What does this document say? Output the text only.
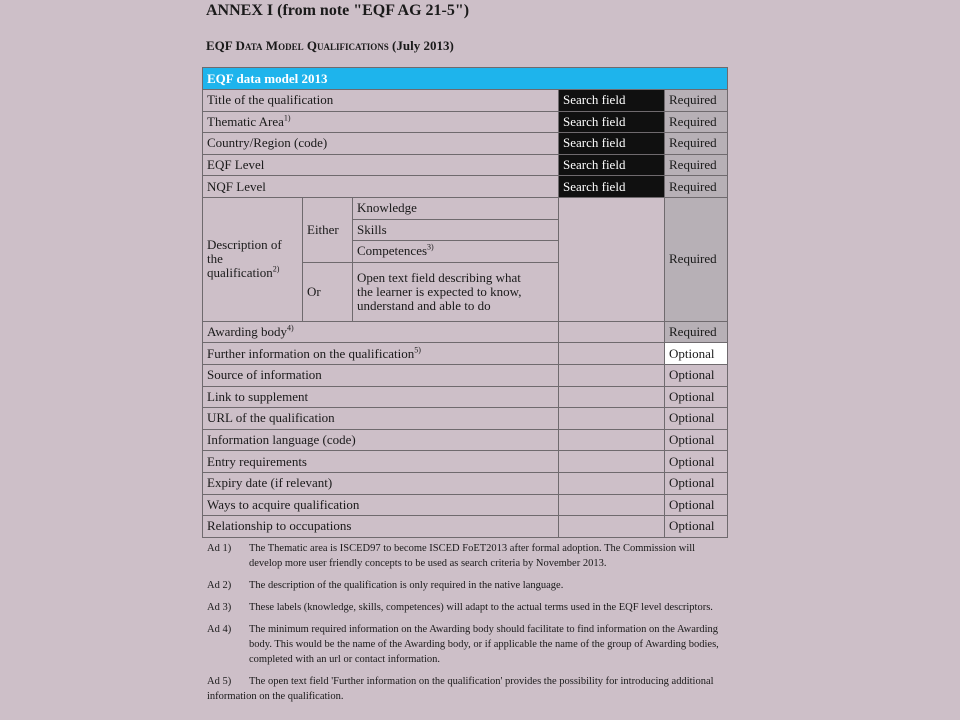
ANNEX I (from note "EQF AG 21-5")
EQF Data Model Qualifications (July 2013)
EQF data model 2013				
Title of the qualification			Search field	Required
Thematic Area$^{1)}$			Search field	Required
Country/Region (code)			Search field	Required
EQF Level			Search field	Required
NQF Level			Search field	Required

Description of
the
qualification$^{2)}$	Either	Knowledge		Required
		Skills		
		Competences$^{3)}$
	Or	Open text field describing what
the learner is expected to know,
understand and able to do		

Awarding body$^{4)}$				Required
Further information on the qualification$^{5)}$				Optional
Source of information				Optional
Link to supplement				Optional
URL of the qualification				Optional
Information language (code)				Optional
Entry requirements				Optional
Expiry date (if relevant)				Optional
Ways to acquire qualification				Optional
Relationship to occupations				Optional
Ad 1)	The Thematic area is ISCED97 to become ISCED FoET2013 after formal adoption. The Commission will develop more user friendly concepts to be used as search criteria by November 2013.
Ad 2)	The description of the qualification is only required in the native language.
Ad 3)	These labels (knowledge, skills, competences) will adapt to the actual terms used in the EQF level descriptors.
Ad 4)	The minimum required information on the Awarding body should facilitate to find information on the Awarding body. This would be the name of the Awarding body, or if applicable the name of the group of Awarding bodies, completed with an url or contact information.
Ad 5) The open text field 'Further information on the qualification' provides the possibility for introducing additional information on the qualification.
